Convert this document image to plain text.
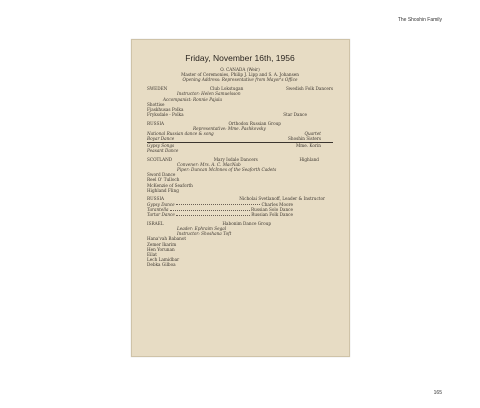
The Shoshin Family
Friday, November 16th, 1956
O. CANADA (Weir)
Master of Ceremonies, Philip J. Lipp and S. A. Johansen
Opening Address: Representative from Mayor's Office
SWEDEN	Club Lokstugan	Swedish Folk Dancers
Instructor: Helen Samuelsson
Accompanist: Ronnie Pajala
Shottise
Fjaskhusas Polka
Fryksdale - Polka	Star Dance
RUSSIA	Orthodox Russian Group
Representative: Mme. Pashkovsky
National Russian dance & song	Quartet
Boyar Dance	Shoshin Sisters
Gypsy Songs	Mme. Korin
Peasant Dance
SCOTLAND	Mary Isdale Dancers	Highland
Convener: Mrs. A. C. MacNab
Piper: Duncan McInnes of the Seaforth Cadets
Sword Dance
Reel O' Tulloch
McKenzie of Seaforth
Highland Fling
RUSSIA	Nicholai Svetlanoff, Leader & Instructor
Gypsy Dance	Charles Moore
Tarantella	Russian Solo Dance
Tartar Dance	Russian Folk Dance
ISRAEL	Habonim Dance Group
Leader: Ephraim Segal
Instructor: Shoshana Toft
Hana'vah Babanot
Zemer Ikarim
Hen Yorunan
Eilat
Lech Lamidbar
Debka Gilboa
165
